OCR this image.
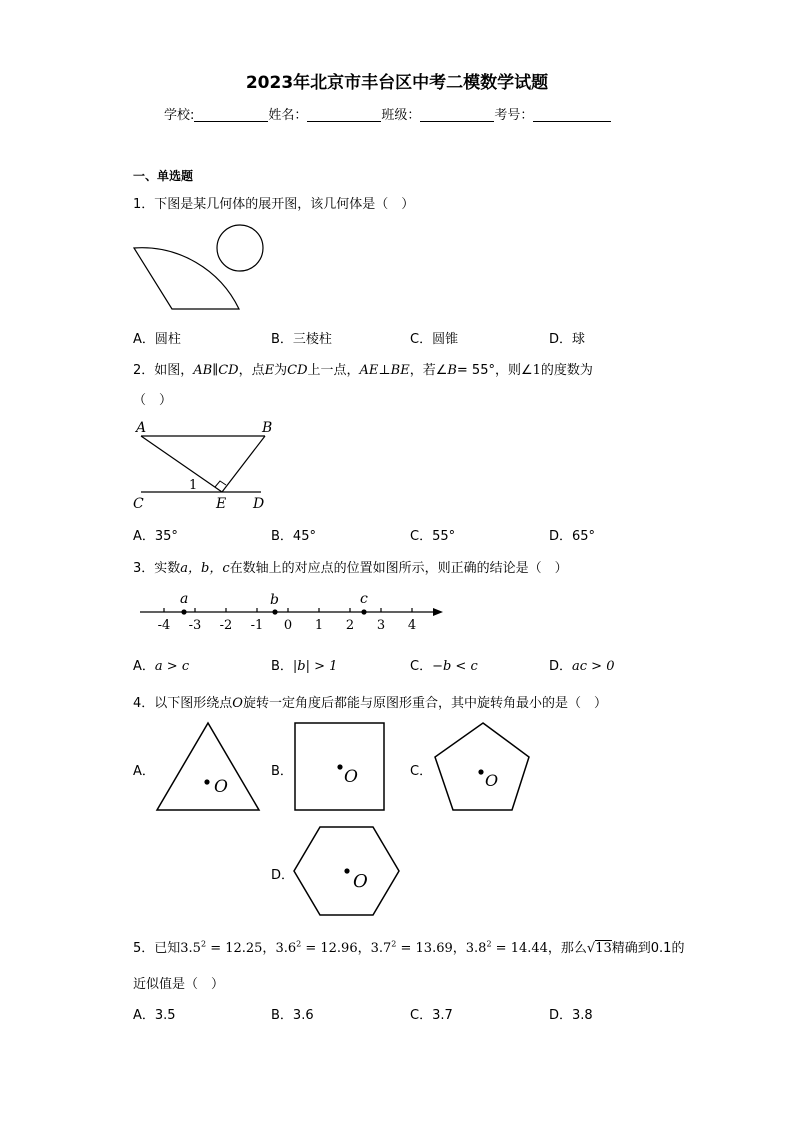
2023年北京市丰台区中考二模数学试题
学校:	姓名：	班级：	考号：
一、单选题
1．下图是某几何体的展开图，该几何体是（　）
A．圆柱	B．三棱柱	C．圆锥	D．球
2．如图，AB∥CD，点E为CD上一点，AE⊥BE，若∠B= 55°，则∠1的度数为
（　）
A	B
C	D
E
1
A．35°	B．45°	C．55°	D．65°
3．实数a，b，c在数轴上的对应点的位置如图所示，则正确的结论是（　）
-4 -3 -2 -1 0 1 2 3 4
a	b	c
A．a > c	B．|b| > 1	C．−b < c	D．ac > 0
4．以下图形绕点O旋转一定角度后都能与原图形重合，其中旋转角最小的是（　）
A．	B．	C．
D．
O	O	O
O
5．已知$3.5^2 = 12.25$，$3.6^2 = 12.96$，$3.7^2 = 13.69$，$3.8^2 = 14.44$，那么√13精确到0.1的
近似值是（　）
A．3.5	B．3.6	C．3.7	D．3.8
